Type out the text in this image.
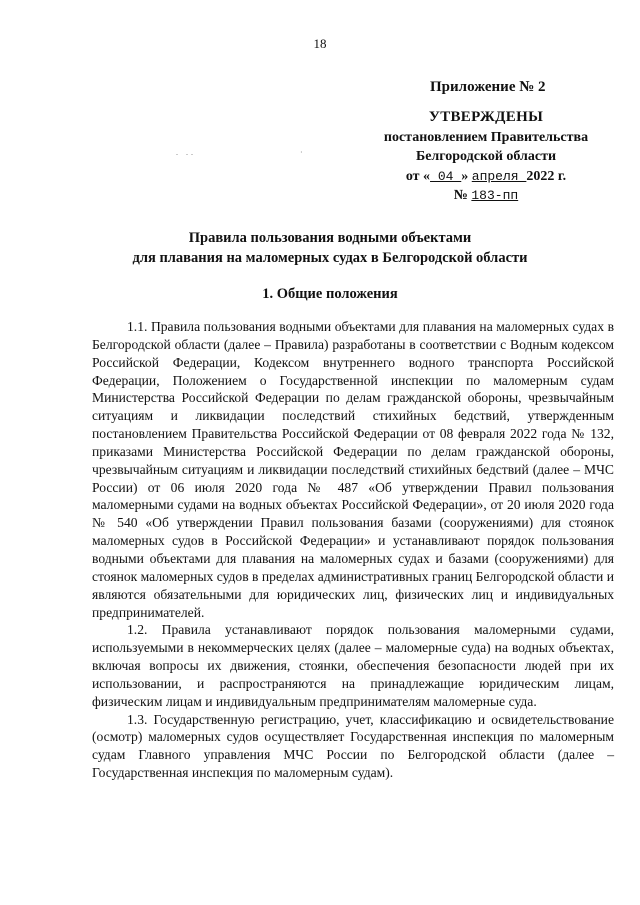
18
Приложение № 2
УТВЕРЖДЕНЫ
постановлением Правительства
Белгородской области
от « 04 » апреля 2022 г.
№ 183-пп
. ..	·
Правила пользования водными объектами
для плавания на маломерных судах в Белгородской области
1. Общие положения

1.1. Правила пользования водными объектами для плавания на маломерных судах в Белгородской области (далее – Правила) разработаны в соответствии с Водным кодексом Российской Федерации, Кодексом внутреннего водного транспорта Российской Федерации, Положением о Государственной инспекции по маломерным судам Министерства Российской Федерации по делам гражданской обороны, чрезвычайным ситуациям и ликвидации последствий стихийных бедствий, утвержденным постановлением Правительства Российской Федерации от 08 февраля 2022 года № 132, приказами Министерства Российской Федерации по делам гражданской обороны, чрезвычайным ситуациям и ликвидации последствий стихийных бедствий (далее – МЧС России) от 06 июля 2020 года № 487 «Об утверждении Правил пользования маломерными судами на водных объектах Российской Федерации», от 20 июля 2020 года № 540 «Об утверждении Правил пользования базами (сооружениями) для стоянок маломерных судов в Российской Федерации» и устанавливают порядок пользования водными объектами для плавания на маломерных судах и базами (сооружениями) для стоянок маломерных судов в пределах административных границ Белгородской области и являются обязательными для юридических лиц, физических лиц и индивидуальных предпринимателей.

1.2. Правила устанавливают порядок пользования маломерными судами, используемыми в некоммерческих целях (далее – маломерные суда) на водных объектах, включая вопросы их движения, стоянки, обеспечения безопасности людей при их использовании, и распространяются на принадлежащие юридическим лицам, физическим лицам и индивидуальным предпринимателям маломерные суда.

1.3. Государственную регистрацию, учет, классификацию и освидетельствование (осмотр) маломерных судов осуществляет Государственная инспекция по маломерным судам Главного управления МЧС России по Белгородской области (далее – Государственная инспекция по маломерным судам).
